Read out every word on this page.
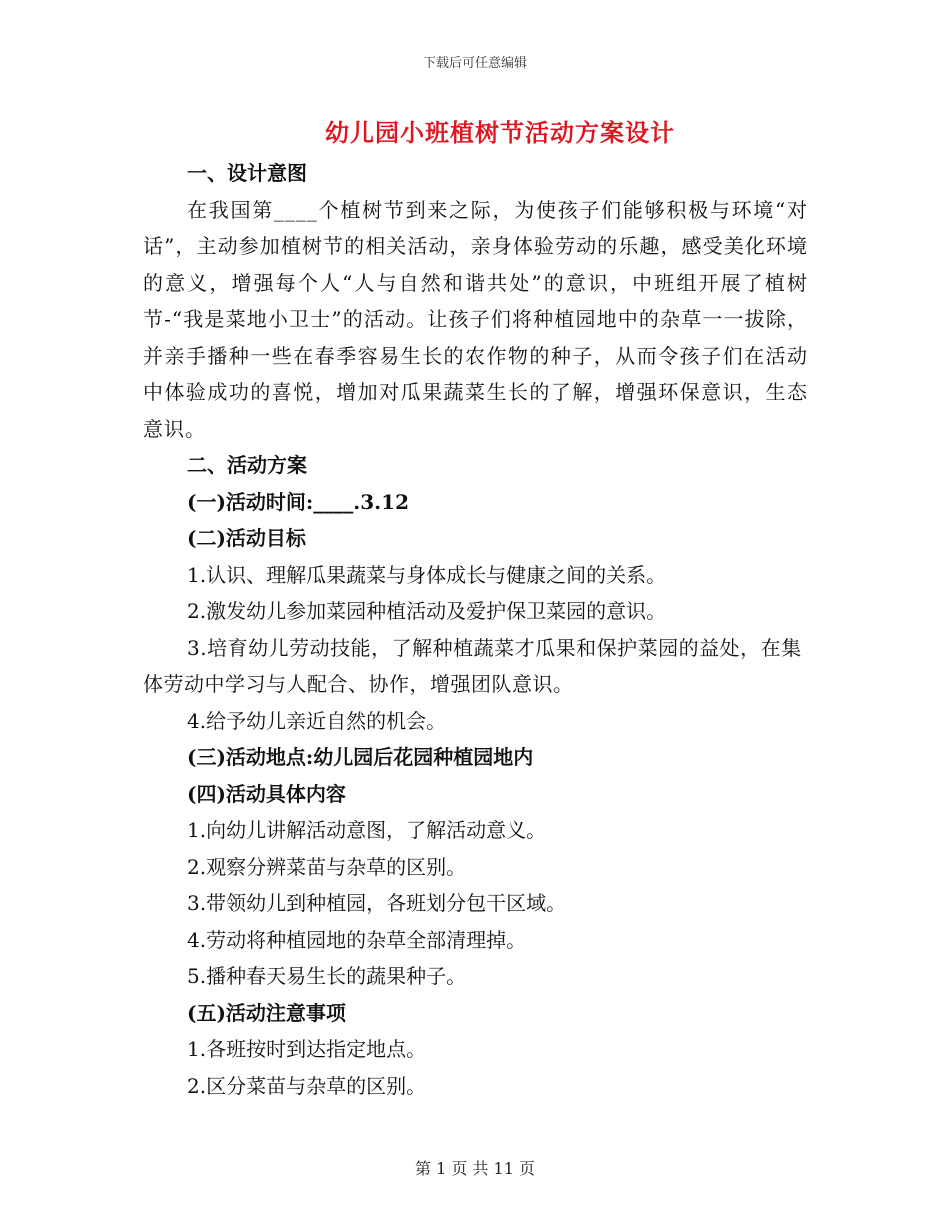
下载后可任意编辑
幼儿园小班植树节活动方案设计

一、设计意图

在我国第____个植树节到来之际，为使孩子们能够积极与环境“对话”，主动参加植树节的相关活动，亲身体验劳动的乐趣，感受美化环境的意义，增强每个人“人与自然和谐共处”的意识，中班组开展了植树节-“我是菜地小卫士”的活动。让孩子们将种植园地中的杂草一一拔除，并亲手播种一些在春季容易生长的农作物的种子，从而令孩子们在活动中体验成功的喜悦，增加对瓜果蔬菜生长的了解，增强环保意识，生态意识。

二、活动方案

(一)活动时间:____.3.12

(二)活动目标

1.认识、理解瓜果蔬菜与身体成长与健康之间的关系。

2.激发幼儿参加菜园种植活动及爱护保卫菜园的意识。

3.培育幼儿劳动技能，了解种植蔬菜才瓜果和保护菜园的益处，在集体劳动中学习与人配合、协作，增强团队意识。

4.给予幼儿亲近自然的机会。

(三)活动地点:幼儿园后花园种植园地内

(四)活动具体内容

1.向幼儿讲解活动意图，了解活动意义。

2.观察分辨菜苗与杂草的区别。

3.带领幼儿到种植园，各班划分包干区域。

4.劳动将种植园地的杂草全部清理掉。

5.播种春天易生长的蔬果种子。

(五)活动注意事项

1.各班按时到达指定地点。

2.区分菜苗与杂草的区别。

第 1 页 共 11 页
